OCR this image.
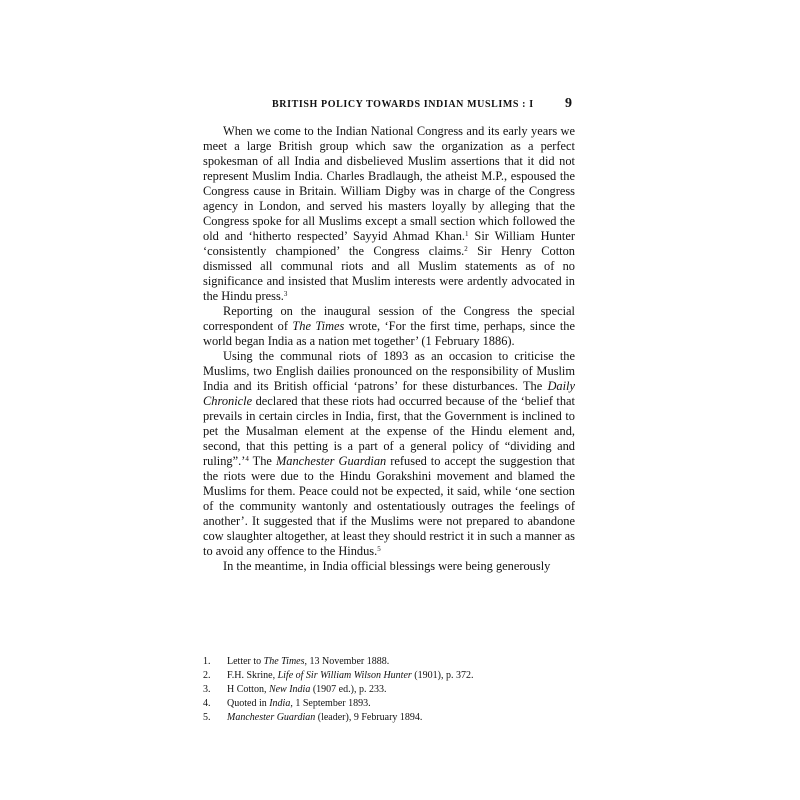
BRITISH POLICY TOWARDS INDIAN MUSLIMS : I 9

When we come to the Indian National Congress and its early years we meet a large British group which saw the organization as a perfect spokesman of all India and disbelieved Muslim assertions that it did not represent Muslim India. Charles Bradlaugh, the atheist M.P., espoused the Congress cause in Britain. William Digby was in charge of the Congress agency in London, and served his masters loyally by alleging that the Congress spoke for all Muslims except a small section which followed the old and ‘hitherto respected’ Sayyid Ahmad Khan.$^1$ Sir William Hunter ‘consistently championed’ the Congress claims.$^2$ Sir Henry Cotton dismissed all communal riots and all Muslim statements as of no significance and insisted that Muslim interests were ardently advocated in the Hindu press.$^3$

Reporting on the inaugural session of the Congress the special correspondent of The Times wrote, ‘For the first time, perhaps, since the world began India as a nation met together’ (1 February 1886).

Using the communal riots of 1893 as an occasion to criticise the Muslims, two English dailies pronounced on the responsibility of Muslim India and its British official ‘patrons’ for these disturbances. The Daily Chronicle declared that these riots had occurred because of the ‘belief that prevails in certain circles in India, first, that the Government is inclined to pet the Musalman element at the expense of the Hindu element and, second, that this petting is a part of a general policy of “dividing and ruling”.’$^4$ The Manchester Guardian refused to accept the suggestion that the riots were due to the Hindu Gorakshini movement and blamed the Muslims for them. Peace could not be expected, it said, while ‘one section of the community wantonly and ostentatiously outrages the feelings of another’. It suggested that if the Muslims were not prepared to abandone cow slaughter altogether, at least they should restrict it in such a manner as to avoid any offence to the Hindus.$^5$

In the meantime, in India official blessings were being generously

1.	Letter to The Times, 13 November 1888.
2.	F.H. Skrine, Life of Sir William Wilson Hunter (1901), p. 372.
3.	H Cotton, New India (1907 ed.), p. 233.
4.	Quoted in India, 1 September 1893.
5.	Manchester Guardian (leader), 9 February 1894.
